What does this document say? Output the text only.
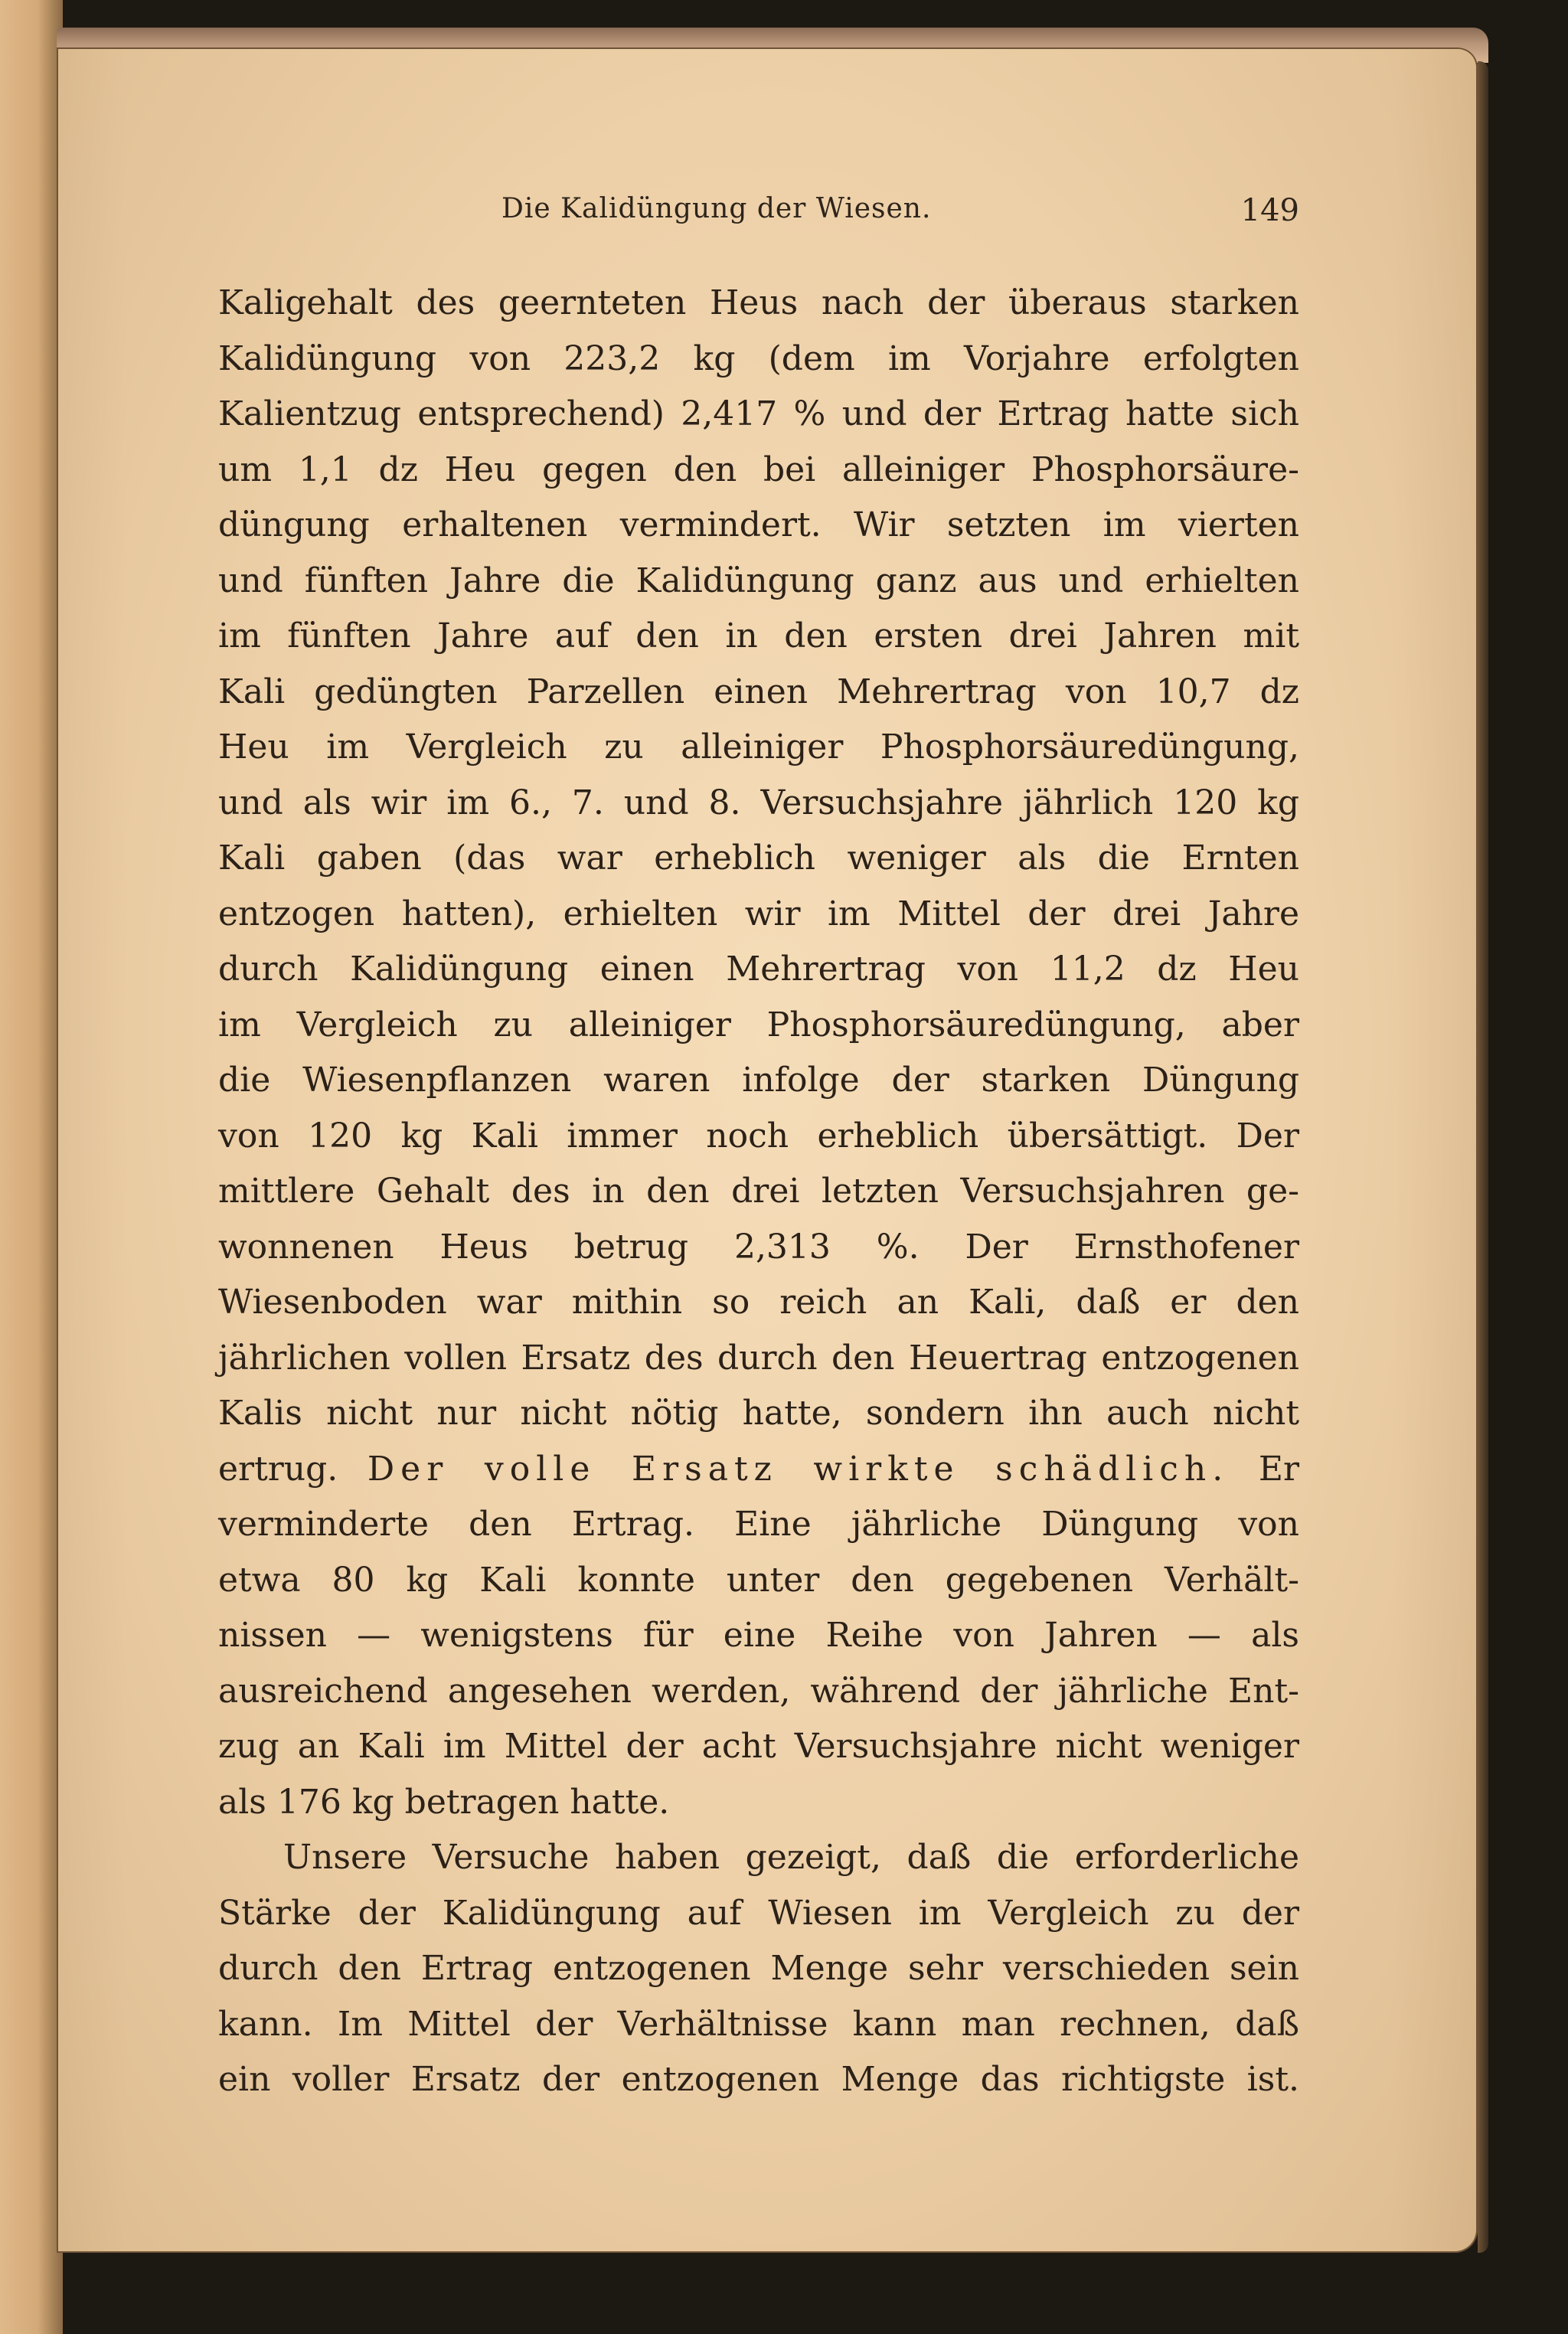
Die Kalidüngung der Wiesen.	149
Kaligehalt des geernteten Heus nach der überaus starken
Kalidüngung von 223,2 kg (dem im Vorjahre erfolgten
Kalientzug entsprechend) 2,417 % und der Ertrag hatte sich
um 1,1 dz Heu gegen den bei alleiniger Phosphorsäure-
düngung erhaltenen vermindert. Wir setzten im vierten
und fünften Jahre die Kalidüngung ganz aus und erhielten
im fünften Jahre auf den in den ersten drei Jahren mit
Kali gedüngten Parzellen einen Mehrertrag von 10,7 dz
Heu im Vergleich zu alleiniger Phosphorsäuredüngung,
und als wir im 6., 7. und 8. Versuchsjahre jährlich 120 kg
Kali gaben (das war erheblich weniger als die Ernten
entzogen hatten), erhielten wir im Mittel der drei Jahre
durch Kalidüngung einen Mehrertrag von 11,2 dz Heu
im Vergleich zu alleiniger Phosphorsäuredüngung, aber
die Wiesenpflanzen waren infolge der starken Düngung
von 120 kg Kali immer noch erheblich übersättigt. Der
mittlere Gehalt des in den drei letzten Versuchsjahren ge-
wonnenen Heus betrug 2,313 %. Der Ernsthofener
Wiesenboden war mithin so reich an Kali, daß er den
jährlichen vollen Ersatz des durch den Heuertrag entzogenen
Kalis nicht nur nicht nötig hatte, sondern ihn auch nicht
ertrug. Der volle Ersatz wirkte schädlich. Er
verminderte den Ertrag. Eine jährliche Düngung von
etwa 80 kg Kali konnte unter den gegebenen Verhält-
nissen — wenigstens für eine Reihe von Jahren — als
ausreichend angesehen werden, während der jährliche Ent-
zug an Kali im Mittel der acht Versuchsjahre nicht weniger
als 176 kg betragen hatte.
Unsere Versuche haben gezeigt, daß die erforderliche
Stärke der Kalidüngung auf Wiesen im Vergleich zu der
durch den Ertrag entzogenen Menge sehr verschieden sein
kann. Im Mittel der Verhältnisse kann man rechnen, daß
ein voller Ersatz der entzogenen Menge das richtigste ist.
